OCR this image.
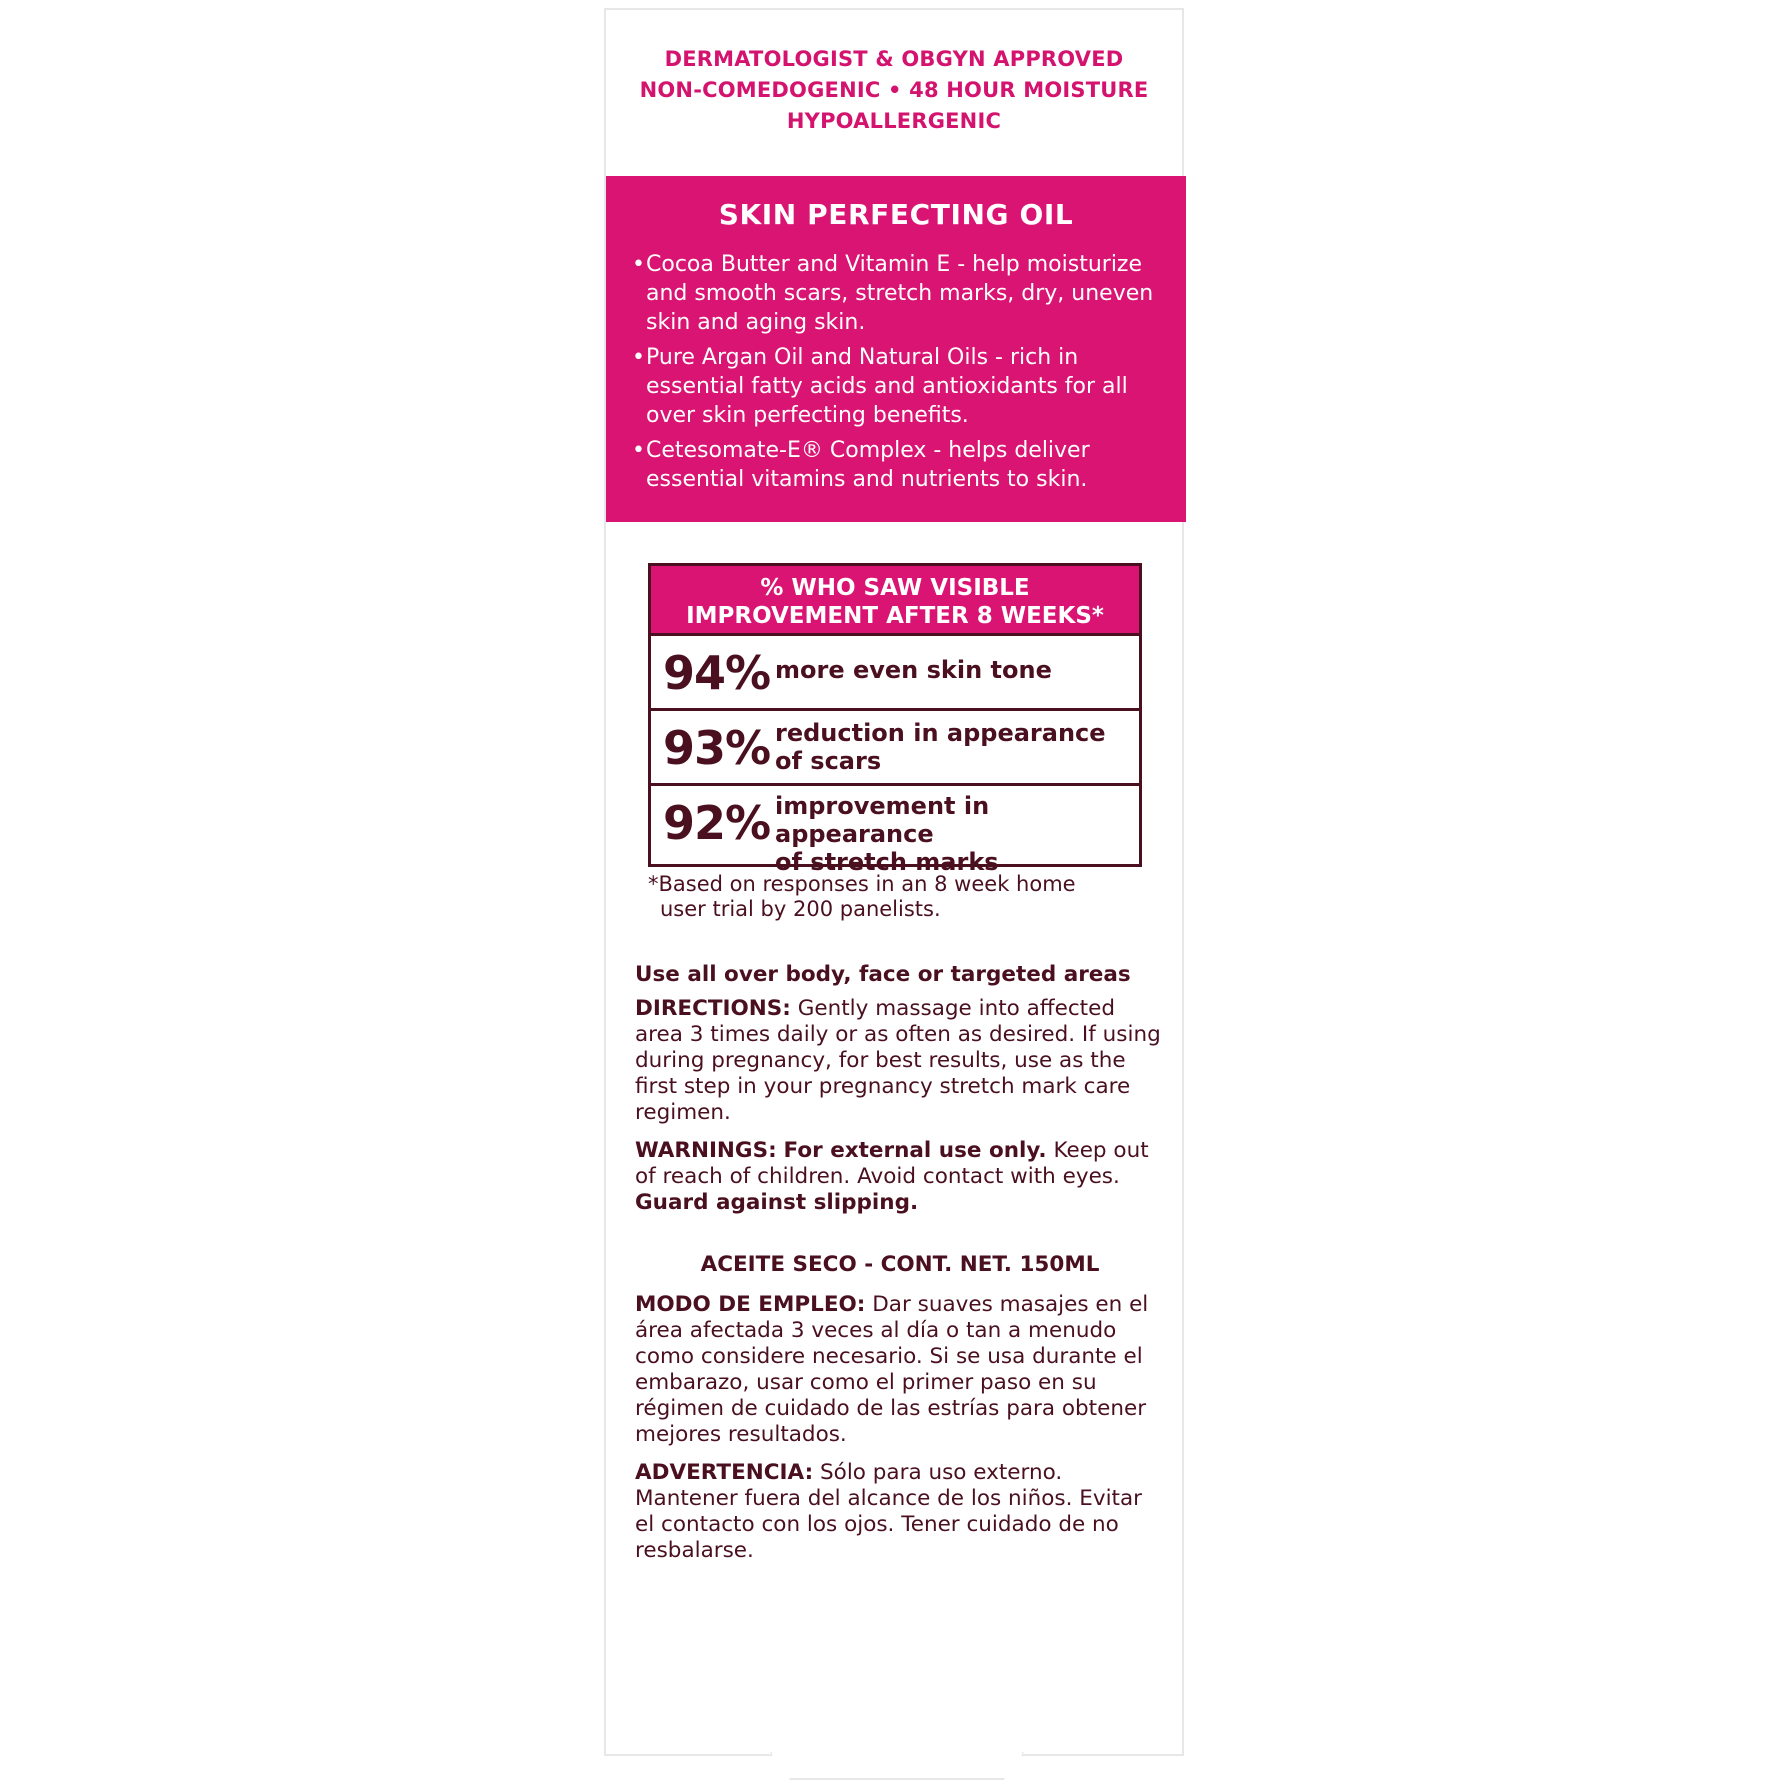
DERMATOLOGIST & OBGYN APPROVED
NON-COMEDOGENIC • 48 HOUR MOISTURE
HYPOALLERGENIC
SKIN PERFECTING OIL
• Cocoa Butter and Vitamin E - help moisturize and smooth scars, stretch marks, dry, uneven skin and aging skin.
• Pure Argan Oil and Natural Oils - rich in essential fatty acids and antioxidants for all over skin perfecting benefits.
• Cetesomate-E® Complex - helps deliver essential vitamins and nutrients to skin.
% WHO SAW VISIBLE
IMPROVEMENT AFTER 8 WEEKS*
94% more even skin tone
93% reduction in appearance
of scars
92% improvement in appearance
of stretch marks
*Based on responses in an 8 week home
user trial by 200 panelists.
Use all over body, face or targeted areas
DIRECTIONS: Gently massage into affected area 3 times daily or as often as desired. If using during pregnancy, for best results, use as the first step in your pregnancy stretch mark care regimen.
WARNINGS: For external use only. Keep out of reach of children. Avoid contact with eyes. Guard against slipping.
ACEITE SECO - CONT. NET. 150ML
MODO DE EMPLEO: Dar suaves masajes en el área afectada 3 veces al día o tan a menudo como considere necesario. Si se usa durante el embarazo, usar como el primer paso en su régimen de cuidado de las estrías para obtener mejores resultados.
ADVERTENCIA: Sólo para uso externo. Mantener fuera del alcance de los niños. Evitar el contacto con los ojos. Tener cuidado de no resbalarse.
